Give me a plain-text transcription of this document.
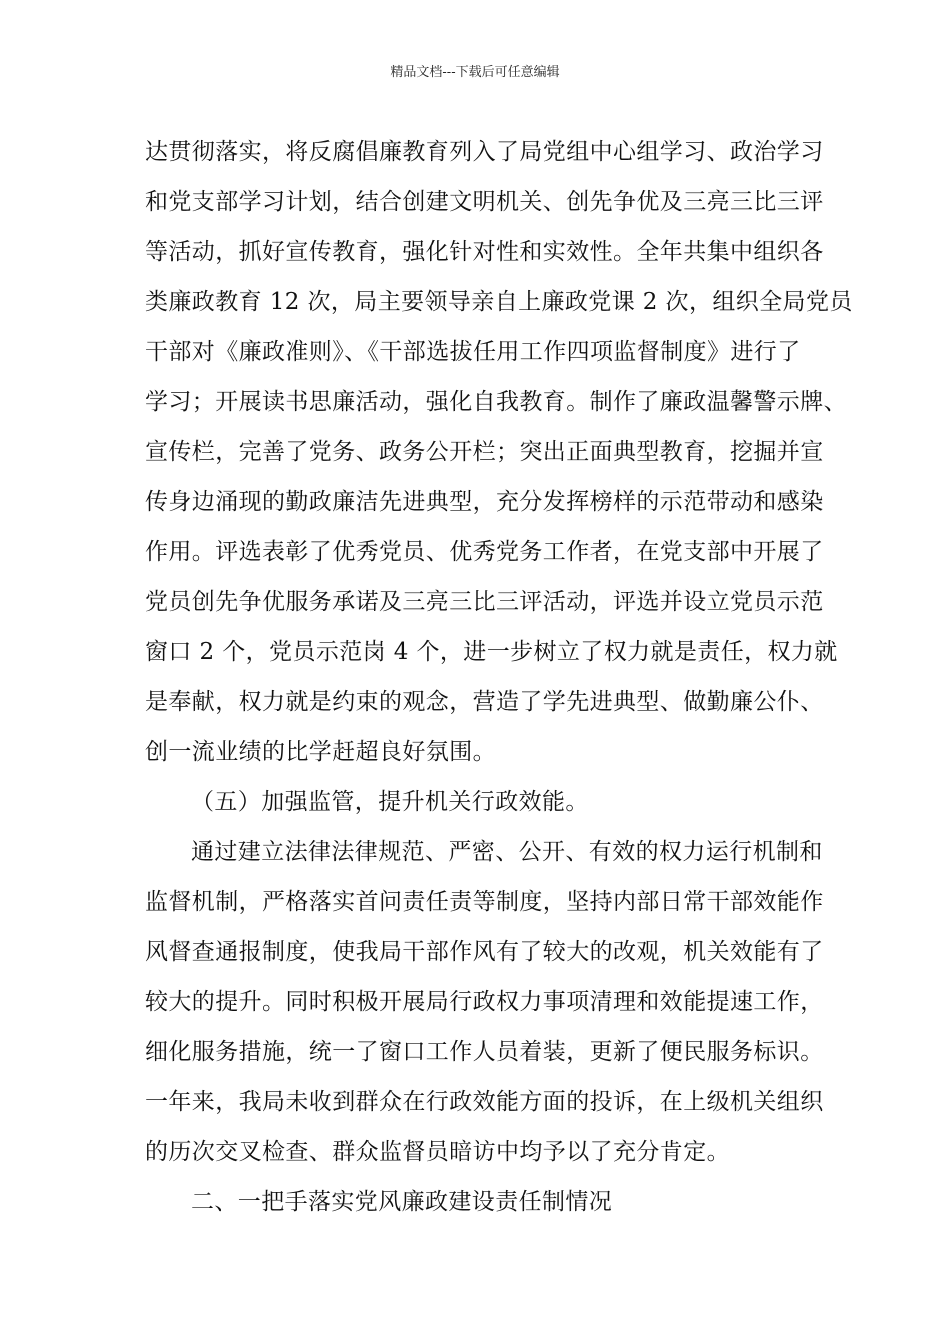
精品文档---下载后可任意编辑
达贯彻落实，将反腐倡廉教育列入了局党组中心组学习、政治学习
和党支部学习计划，结合创建文明机关、创先争优及三亮三比三评
等活动，抓好宣传教育，强化针对性和实效性。全年共集中组织各
类廉政教育 12 次，局主要领导亲自上廉政党课 2 次，组织全局党员
干部对《廉政准则》、《干部选拔任用工作四项监督制度》进行了
学习；开展读书思廉活动，强化自我教育。制作了廉政温馨警示牌、
宣传栏，完善了党务、政务公开栏；突出正面典型教育，挖掘并宣
传身边涌现的勤政廉洁先进典型，充分发挥榜样的示范带动和感染
作用。评选表彰了优秀党员、优秀党务工作者，在党支部中开展了
党员创先争优服务承诺及三亮三比三评活动，评选并设立党员示范
窗口 2 个，党员示范岗 4 个，进一步树立了权力就是责任，权力就
是奉献，权力就是约束的观念，营造了学先进典型、做勤廉公仆、
创一流业绩的比学赶超良好氛围。
（五）加强监管，提升机关行政效能。
通过建立法律法律规范、严密、公开、有效的权力运行机制和
监督机制，严格落实首问责任责等制度，坚持内部日常干部效能作
风督查通报制度，使我局干部作风有了较大的改观，机关效能有了
较大的提升。同时积极开展局行政权力事项清理和效能提速工作，
细化服务措施，统一了窗口工作人员着装，更新了便民服务标识。
一年来，我局未收到群众在行政效能方面的投诉，在上级机关组织
的历次交叉检查、群众监督员暗访中均予以了充分肯定。
二、一把手落实党风廉政建设责任制情况
